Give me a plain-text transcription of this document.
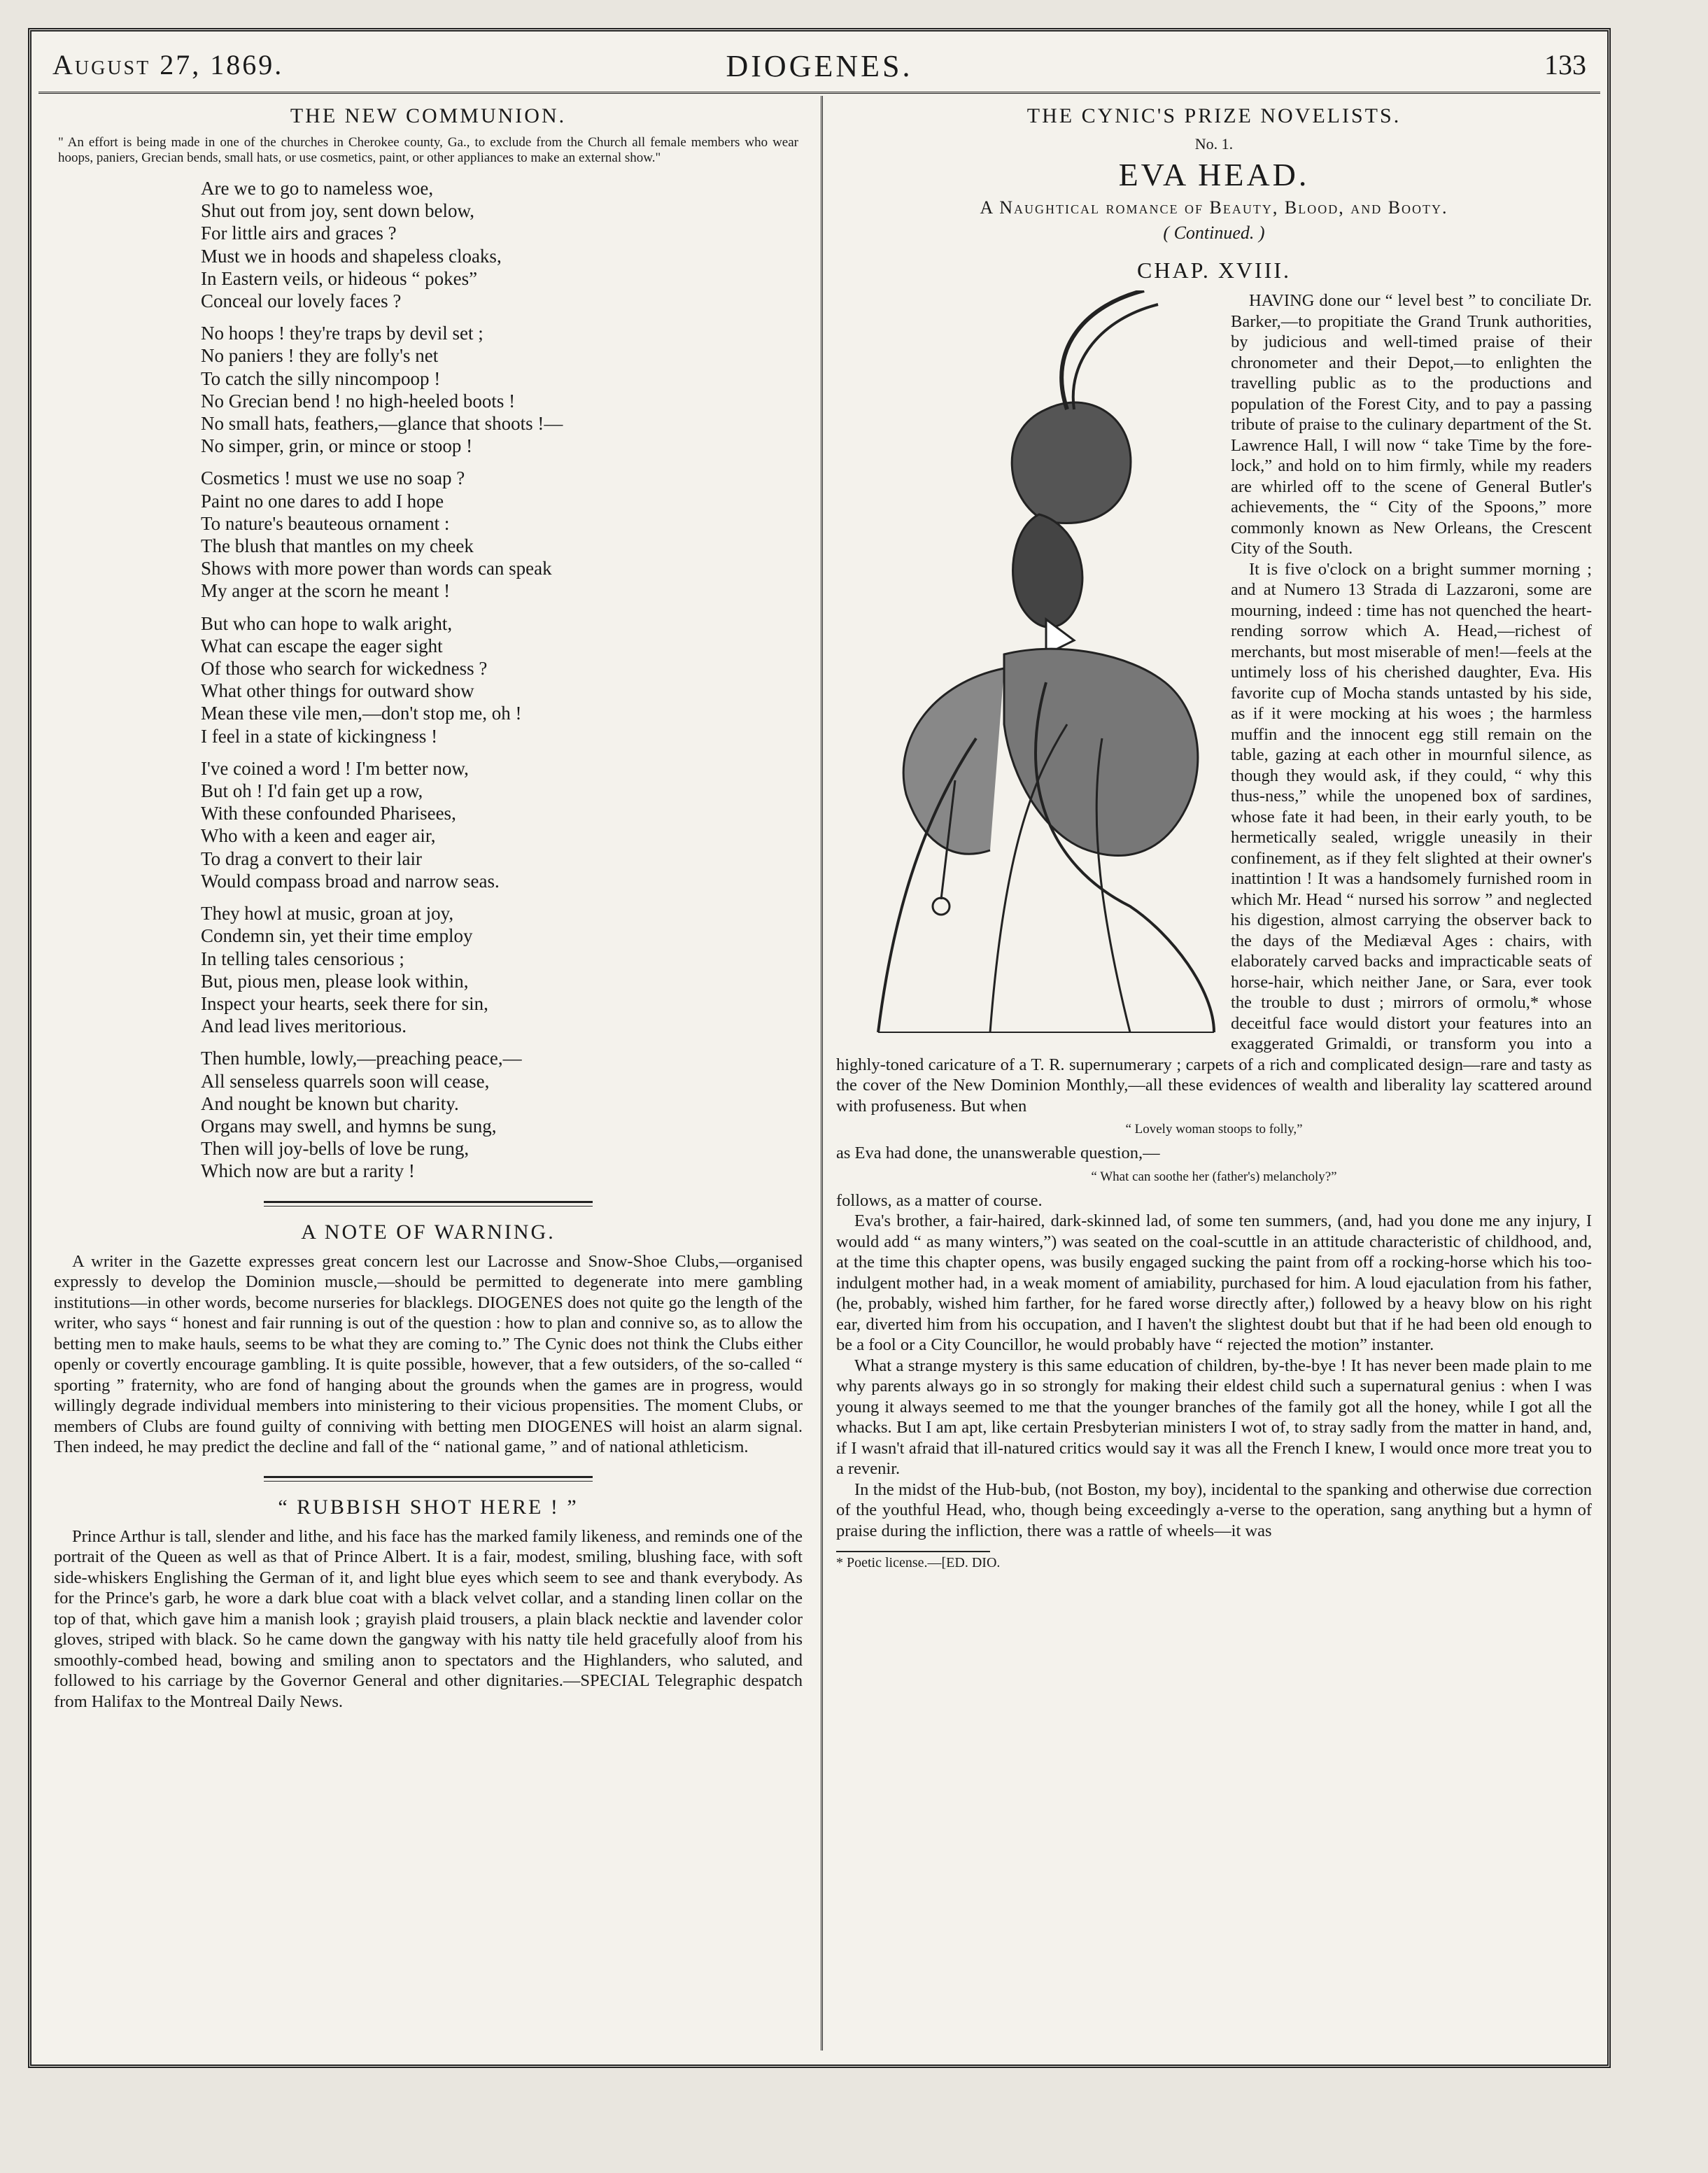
August 27, 1869.	DIOGENES.	133
THE NEW COMMUNION.
" An effort is being made in one of the churches in Cherokee county, Ga., to exclude from the Church all female members who wear hoops, paniers, Grecian bends, small hats, or use cosmetics, paint, or other appliances to make an external show."
Are we to go to nameless woe,
Shut out from joy, sent down below,
For little airs and graces ?
Must we in hoods and shapeless cloaks,
In Eastern veils, or hideous “ pokes”
Conceal our lovely faces ?
No hoops ! they're traps by devil set ;
No paniers ! they are folly's net
To catch the silly nincompoop !
No Grecian bend ! no high-heeled boots !
No small hats, feathers,—glance that shoots !—
No simper, grin, or mince or stoop !
Cosmetics ! must we use no soap ?
Paint no one dares to add I hope
To nature's beauteous ornament :
The blush that mantles on my cheek
Shows with more power than words can speak
My anger at the scorn he meant !
But who can hope to walk aright,
What can escape the eager sight
Of those who search for wickedness ?
What other things for outward show
Mean these vile men,—don't stop me, oh !
I feel in a state of kickingness !
I've coined a word ! I'm better now,
But oh ! I'd fain get up a row,
With these confounded Pharisees,
Who with a keen and eager air,
To drag a convert to their lair
Would compass broad and narrow seas.
They howl at music, groan at joy,
Condemn sin, yet their time employ
In telling tales censorious ;
But, pious men, please look within,
Inspect your hearts, seek there for sin,
And lead lives meritorious.
Then humble, lowly,—preaching peace,—
All senseless quarrels soon will cease,
And nought be known but charity.
Organs may swell, and hymns be sung,
Then will joy-bells of love be rung,
Which now are but a rarity !
A NOTE OF WARNING.

A writer in the Gazette expresses great concern lest our Lacrosse and Snow-Shoe Clubs,—organised expressly to develop the Dominion muscle,—should be permitted to degenerate into mere gambling institutions—in other words, become nurseries for blacklegs. DIOGENES does not quite go the length of the writer, who says “ honest and fair running is out of the question : how to plan and connive so, as to allow the betting men to make hauls, seems to be what they are coming to.” The Cynic does not think the Clubs either openly or covertly encourage gambling. It is quite possible, however, that a few outsiders, of the so-called “ sporting ” fraternity, who are fond of hanging about the grounds when the games are in progress, would willingly degrade individual members into ministering to their vicious propensities. The moment Clubs, or members of Clubs are found guilty of conniving with betting men DIOGENES will hoist an alarm signal. Then indeed, he may predict the decline and fall of the “ national game, ” and of national athleticism.

“ RUBBISH SHOT HERE ! ”

Prince Arthur is tall, slender and lithe, and his face has the marked family likeness, and reminds one of the portrait of the Queen as well as that of Prince Albert. It is a fair, modest, smiling, blushing face, with soft side-whiskers Englishing the German of it, and light blue eyes which seem to see and thank everybody. As for the Prince's garb, he wore a dark blue coat with a black velvet collar, and a standing linen collar on the top of that, which gave him a manish look ; grayish plaid trousers, a plain black necktie and lavender color gloves, striped with black. So he came down the gangway with his natty tile held gracefully aloof from his smoothly-combed head, bowing and smiling anon to spectators and the Highlanders, who saluted, and followed to his carriage by the Governor General and other dignitaries.—SPECIAL Telegraphic despatch from Halifax to the Montreal Daily News.

THE CYNIC'S PRIZE NOVELISTS.
No. 1.
EVA HEAD.
A Naughtical romance of Beauty, Blood, and Booty.
( Continued. )
CHAP. XVIII.

HAVING done our “ level best ” to conciliate Dr. Barker,—to propitiate the Grand Trunk authorities, by judicious and well-timed praise of their chronometer and their Depot,—to enlighten the travelling public as to the productions and population of the Forest City, and to pay a passing tribute of praise to the culinary department of the St. Lawrence Hall, I will now “ take Time by the fore-lock,” and hold on to him firmly, while my readers are whirled off to the scene of General Butler's achievements, the “ City of the Spoons,” more commonly known as New Orleans, the Crescent City of the South.

It is five o'clock on a bright summer morning ; and at Numero 13 Strada di Lazzaroni, some are mourning, indeed : time has not quenched the heart-rending sorrow which A. Head,—richest of merchants, but most miserable of men!—feels at the untimely loss of his cherished daughter, Eva. His favorite cup of Mocha stands untasted by his side, as if it were mocking at his woes ; the harmless muffin and the innocent egg still remain on the table, gazing at each other in mournful silence, as though they would ask, if they could, “ why this thus-ness,” while the unopened box of sardines, whose fate it had been, in their early youth, to be hermetically sealed, wriggle uneasily in their confinement, as if they felt slighted at their owner's inattintion ! It was a handsomely furnished room in which Mr. Head “ nursed his sorrow ” and neglected his digestion, almost carrying the observer back to the days of the Mediæval Ages : chairs, with elaborately carved backs and impracticable seats of horse-hair, which neither Jane, or Sara, ever took the trouble to dust ; mirrors of ormolu,* whose deceitful face would distort your features into an exaggerated Grimaldi, or transform you into a highly-toned caricature of a T. R. supernumerary ; carpets of a rich and complicated design—rare and tasty as the cover of the New Dominion Monthly,—all these evidences of wealth and liberality lay scattered around with profuseness. But when

“ Lovely woman stoops to folly,”

as Eva had done, the unanswerable question,—

“ What can soothe her (father's) melancholy?”

follows, as a matter of course.

Eva's brother, a fair-haired, dark-skinned lad, of some ten summers, (and, had you done me any injury, I would add “ as many winters,”) was seated on the coal-scuttle in an attitude characteristic of childhood, and, at the time this chapter opens, was busily engaged sucking the paint from off a rocking-horse which his too-indulgent mother had, in a weak moment of amiability, purchased for him. A loud ejaculation from his father, (he, probably, wished him farther, for he fared worse directly after,) followed by a heavy blow on his right ear, diverted him from his occupation, and I haven't the slightest doubt but that if he had been old enough to be a fool or a City Councillor, he would probably have “ rejected the motion” instanter.

What a strange mystery is this same education of children, by-the-bye ! It has never been made plain to me why parents always go in so strongly for making their eldest child such a supernatural genius : when I was young it always seemed to me that the younger branches of the family got all the honey, while I got all the whacks. But I am apt, like certain Presbyterian ministers I wot of, to stray sadly from the matter in hand, and, if I wasn't afraid that ill-natured critics would say it was all the French I knew, I would once more treat you to a revenir.

In the midst of the Hub-bub, (not Boston, my boy), incidental to the spanking and otherwise due correction of the youthful Head, who, though being exceedingly a-verse to the operation, sang anything but a hymn of praise during the infliction, there was a rattle of wheels—it was

* Poetic license.—[ED. DIO.
